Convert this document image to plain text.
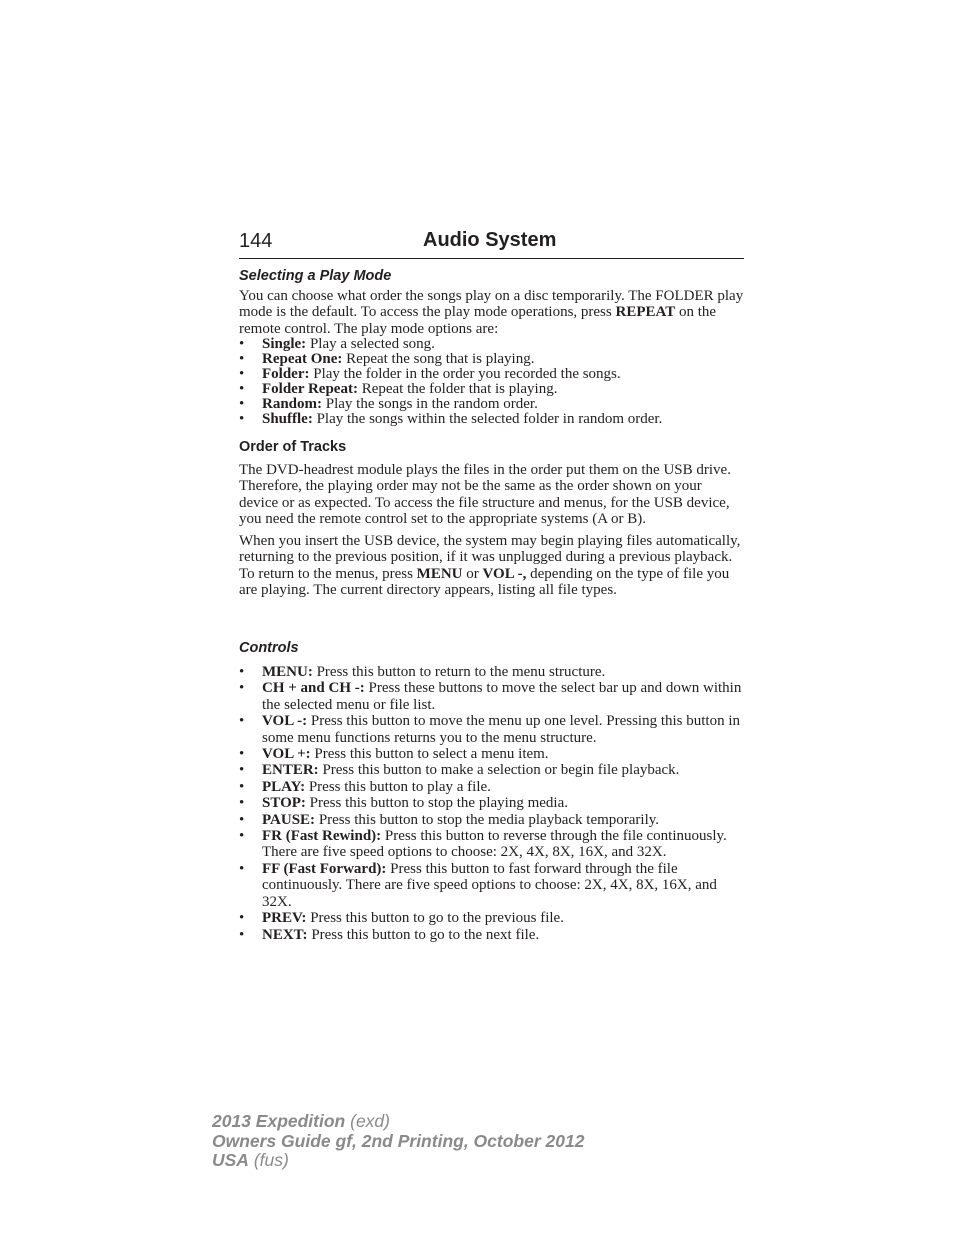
144	Audio System

Selecting a Play Mode

You can choose what order the songs play on a disc temporarily. The FOLDER play mode is the default. To access the play mode operations, press REPEAT on the remote control. The play mode options are:

• Single: Play a selected song.
• Repeat One: Repeat the song that is playing.
• Folder: Play the folder in the order you recorded the songs.
• Folder Repeat: Repeat the folder that is playing.
• Random: Play the songs in the random order.
• Shuffle: Play the songs within the selected folder in random order.

Order of Tracks

The DVD-headrest module plays the files in the order put them on the USB drive. Therefore, the playing order may not be the same as the order shown on your device or as expected. To access the file structure and menus, for the USB device, you need the remote control set to the appropriate systems (A or B).

When you insert the USB device, the system may begin playing files automatically, returning to the previous position, if it was unplugged during a previous playback. To return to the menus, press MENU or VOL -, depending on the type of file you are playing. The current directory appears, listing all file types.

Controls

• MENU: Press this button to return to the menu structure.
• CH + and CH -: Press these buttons to move the select bar up and down within the selected menu or file list.
• VOL -: Press this button to move the menu up one level. Pressing this button in some menu functions returns you to the menu structure.
• VOL +: Press this button to select a menu item.
• ENTER: Press this button to make a selection or begin file playback.
• PLAY: Press this button to play a file.
• STOP: Press this button to stop the playing media.
• PAUSE: Press this button to stop the media playback temporarily.
• FR (Fast Rewind): Press this button to reverse through the file continuously. There are five speed options to choose: 2X, 4X, 8X, 16X, and 32X.
• FF (Fast Forward): Press this button to fast forward through the file continuously. There are five speed options to choose: 2X, 4X, 8X, 16X, and 32X.
• PREV: Press this button to go to the previous file.
• NEXT: Press this button to go to the next file.
2013 Expedition (exd)
Owners Guide gf, 2nd Printing, October 2012
USA (fus)
